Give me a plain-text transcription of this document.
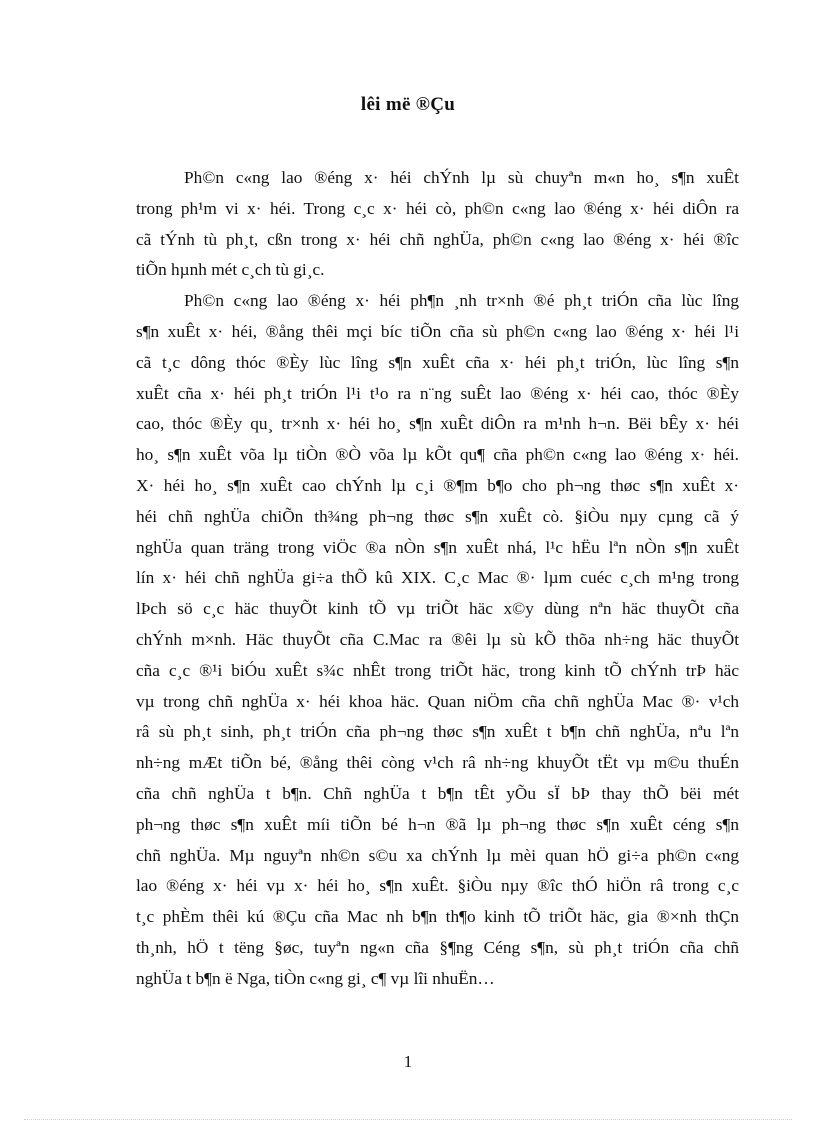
lêi më ®Çu
Ph©n c«ng lao ®éng x· héi chÝnh lµ sù chuyªn m«n ho¸ s¶n xuÊt
trong ph¹m vi x· héi. Trong c¸c x· héi cò, ph©n c«ng lao ®éng x· héi diÔn ra
cã tÝnh tù ph¸t, cßn trong x· héi chñ nghÜa, ph©n c«ng lao ®éng x· héi ®îc
tiÕn hµnh mét c¸ch tù gi¸c.
Ph©n c«ng lao ®éng x· héi ph¶n ¸nh tr×nh ®é ph¸t triÓn cña lùc lîng
s¶n xuÊt x· héi, ®ång thêi mçi bíc tiÕn cña sù ph©n c«ng lao ®éng x· héi l¹i
cã t¸c dông thóc ®Èy lùc lîng s¶n xuÊt cña x· héi ph¸t triÓn, lùc lîng s¶n
xuÊt cña x· héi ph¸t triÓn l¹i t¹o ra n¨ng suÊt lao ®éng x· héi cao, thóc ®Èy
cao, thóc ®Èy qu¸ tr×nh x· héi ho¸ s¶n xuÊt diÔn ra m¹nh h¬n. Bëi bÊy x· héi
ho¸ s¶n xuÊt võa lµ tiÒn ®Ò võa lµ kÕt qu¶ cña ph©n c«ng lao ®éng x· héi.
X· héi ho¸ s¶n xuÊt cao chÝnh lµ c¸i ®¶m b¶o cho ph¬ng thøc s¶n xuÊt x·
héi chñ nghÜa chiÕn th¾ng ph¬ng thøc s¶n xuÊt cò. §iÒu nµy cµng cã ý
nghÜa quan träng trong viÖc ®a nÒn s¶n xuÊt nhá, l¹c hËu lªn nÒn s¶n xuÊt
lín x· héi chñ nghÜa gi÷a thÕ kû XIX. C¸c Mac ®· lµm cuéc c¸ch m¹ng trong
lÞch sö c¸c häc thuyÕt kinh tÕ vµ triÕt häc x©y dùng nªn häc thuyÕt cña
chÝnh m×nh. Häc thuyÕt cña C.Mac ra ®êi lµ sù kÕ thõa nh÷ng häc thuyÕt
cña c¸c ®¹i biÓu xuÊt s¾c nhÊt trong triÕt häc, trong kinh tÕ chÝnh trÞ häc
vµ trong chñ nghÜa x· héi khoa häc. Quan niÖm cña chñ nghÜa Mac ®· v¹ch
râ sù ph¸t sinh, ph¸t triÓn cña ph¬ng thøc s¶n xuÊt t b¶n chñ nghÜa, nªu lªn
nh÷ng mÆt tiÕn bé, ®ång thêi còng v¹ch râ nh÷ng khuyÕt tËt vµ m©u thuÉn
cña chñ nghÜa t b¶n. Chñ nghÜa t b¶n tÊt yÕu sÏ bÞ thay thÕ bëi mét
ph¬ng thøc s¶n xuÊt míi tiÕn bé h¬n ®ã lµ ph¬ng thøc s¶n xuÊt céng s¶n
chñ nghÜa. Mµ nguyªn nh©n s©u xa chÝnh lµ mèi quan hÖ gi÷a ph©n c«ng
lao ®éng x· héi vµ x· héi ho¸ s¶n xuÊt. §iÒu nµy ®îc thÓ hiÖn râ trong c¸c
t¸c phÈm thêi kú ®Çu cña Mac nh b¶n th¶o kinh tÕ triÕt häc, gia ®×nh thÇn
th¸nh, hÖ t tëng §øc, tuyªn ng«n cña §¶ng Céng s¶n, sù ph¸t triÓn cña chñ
nghÜa t b¶n ë Nga, tiÒn c«ng gi¸ c¶ vµ lîi nhuËn…
1
